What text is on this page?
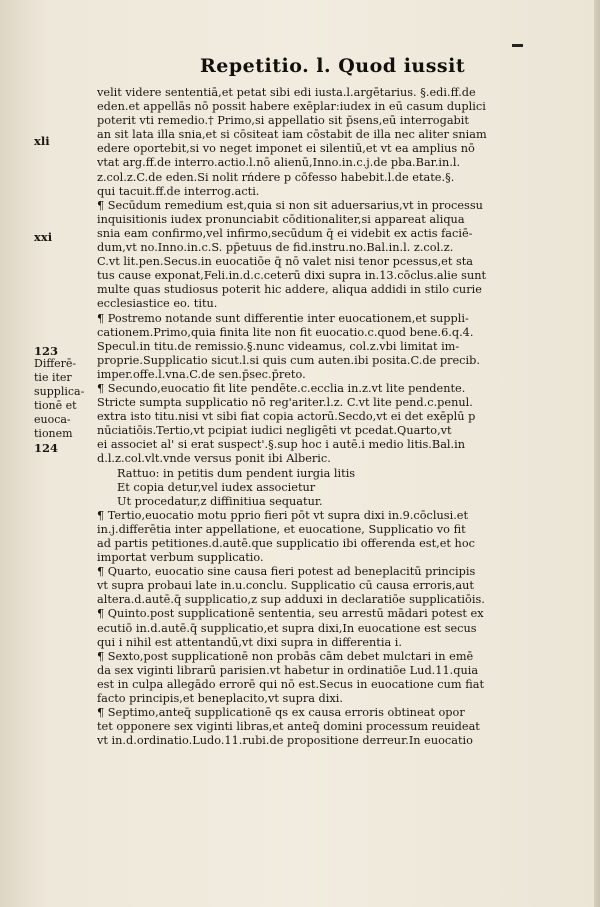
Repetitio. l. Quod iussit
xli
xxi
123
Differē-
tie iter
supplica-
tionē et
euoca-
tionem
124
velit videre sententiā,et petat sibi edi iusta.l.argētarius. §.edi.ff.de
eden.et appellās nō possit habere exēplar:iudex in eū casum duplici
poterit vti remedio.† Primo,si appellatio sit p̄sens,eū interrogabit
an sit lata illa snia,et si cōsiteat iam cōstabit de illa nec aliter sniam
edere oportebit,si vo neget imponet ei silentiū,et vt ea amplius nō
vtat arg.ff.de interro.actio.l.nō alienū,Inno.in.c.j.de pba.Bar.in.l.
z.col.z.C.de eden.Si nolit rńdere p cōfesso habebit.l.de etate.§.
qui tacuit.ff.de interrog.acti.
¶ Secūdum remedium est,quia si non sit aduersarius,vt in processu
inquisitionis iudex pronunciabit cōditionaliter,si appareat aliqua
snia eam confirmo,vel infirmo,secūdum q̄ ei videbit ex actis faciē-
dum,vt no.Inno.in.c.S. pp̄etuus de fid.instru.no.Bal.in.l. z.col.z.
C.vt lit.pen.Secus.in euocatiōe q̄ nō valet nisi tenor pcessus,et sta
tus cause exponat,Feli.in.d.c.ceterū dixi supra in.13.cōclus.alie sunt
multe quas studiosus poterit hic addere, aliqua addidi in stilo curie
ecclesiastice eo. titu.
¶ Postremo notande sunt differentie inter euocationem,et suppli-
cationem.Primo,quia finita lite non fit euocatio.c.quod bene.6.q.4.
Specul.in titu.de remissio.§.nunc videamus, col.z.vbi limitat im-
proprie.Supplicatio sicut.l.si quis cum auten.ibi posita.C.de precib.
imper.offe.l.vna.C.de sen.p̄sec.p̄reto.
¶ Secundo,euocatio fit lite pendēte.c.ecclia in.z.vt lite pendente.
Stricte sumpta supplicatio nō reg'ariter.l.z. C.vt lite pend.c.penul.
extra isto titu.nisi vt sibi fiat copia actorū.Secdo,vt ei det exēplū p
nūciatiōis.Tertio,vt pcipiat iudici negligēti vt pcedat.Quarto,vt
ei associet al' si erat suspect'.§.sup hoc i autē.i medio litis.Bal.in
d.l.z.col.vlt.vnde versus ponit ibi Alberic.
Rattuo: in petitis dum pendent iurgia litis
Et copia detur,vel iudex associetur
Ut procedatur,z diffinitiua sequatur.
¶ Tertio,euocatio motu pprio fieri pōt vt supra dixi in.9.cōclusi.et
in.j.differētia inter appellatione, et euocatione, Supplicatio vo fit
ad partis petitiones.d.autē.que supplicatio ibi offerenda est,et hoc
importat verbum supplicatio.
¶ Quarto, euocatio sine causa fieri potest ad beneplacitū principis
vt supra probaui late in.u.conclu. Supplicatio cū causa erroris,aut
altera.d.autē.q̄ supplicatio,z sup adduxi in declaratiōe supplicatiōis.
¶ Quinto.post supplicationē sententia, seu arrestū mādari potest ex
ecutiō in.d.autē.q̄ supplicatio,et supra dixi,In euocatione est secus
qui i nihil est attentandū,vt dixi supra in differentia i.
¶ Sexto,post supplicationē non probās cām debet mulctari in emē
da sex viginti librarū parisien.vt habetur in ordinatiōe Lud.11.quia
est in culpa allegādo errorē qui nō est.Secus in euocatione cum fiat
facto principis,et beneplacito,vt supra dixi.
¶ Septimo,anteq̄ supplicationē qs ex causa erroris obtineat opor
tet opponere sex viginti libras,et anteq̄ domini processum reuideat
vt in.d.ordinatio.Ludo.11.rubi.de propositione derreur.In euocatio
